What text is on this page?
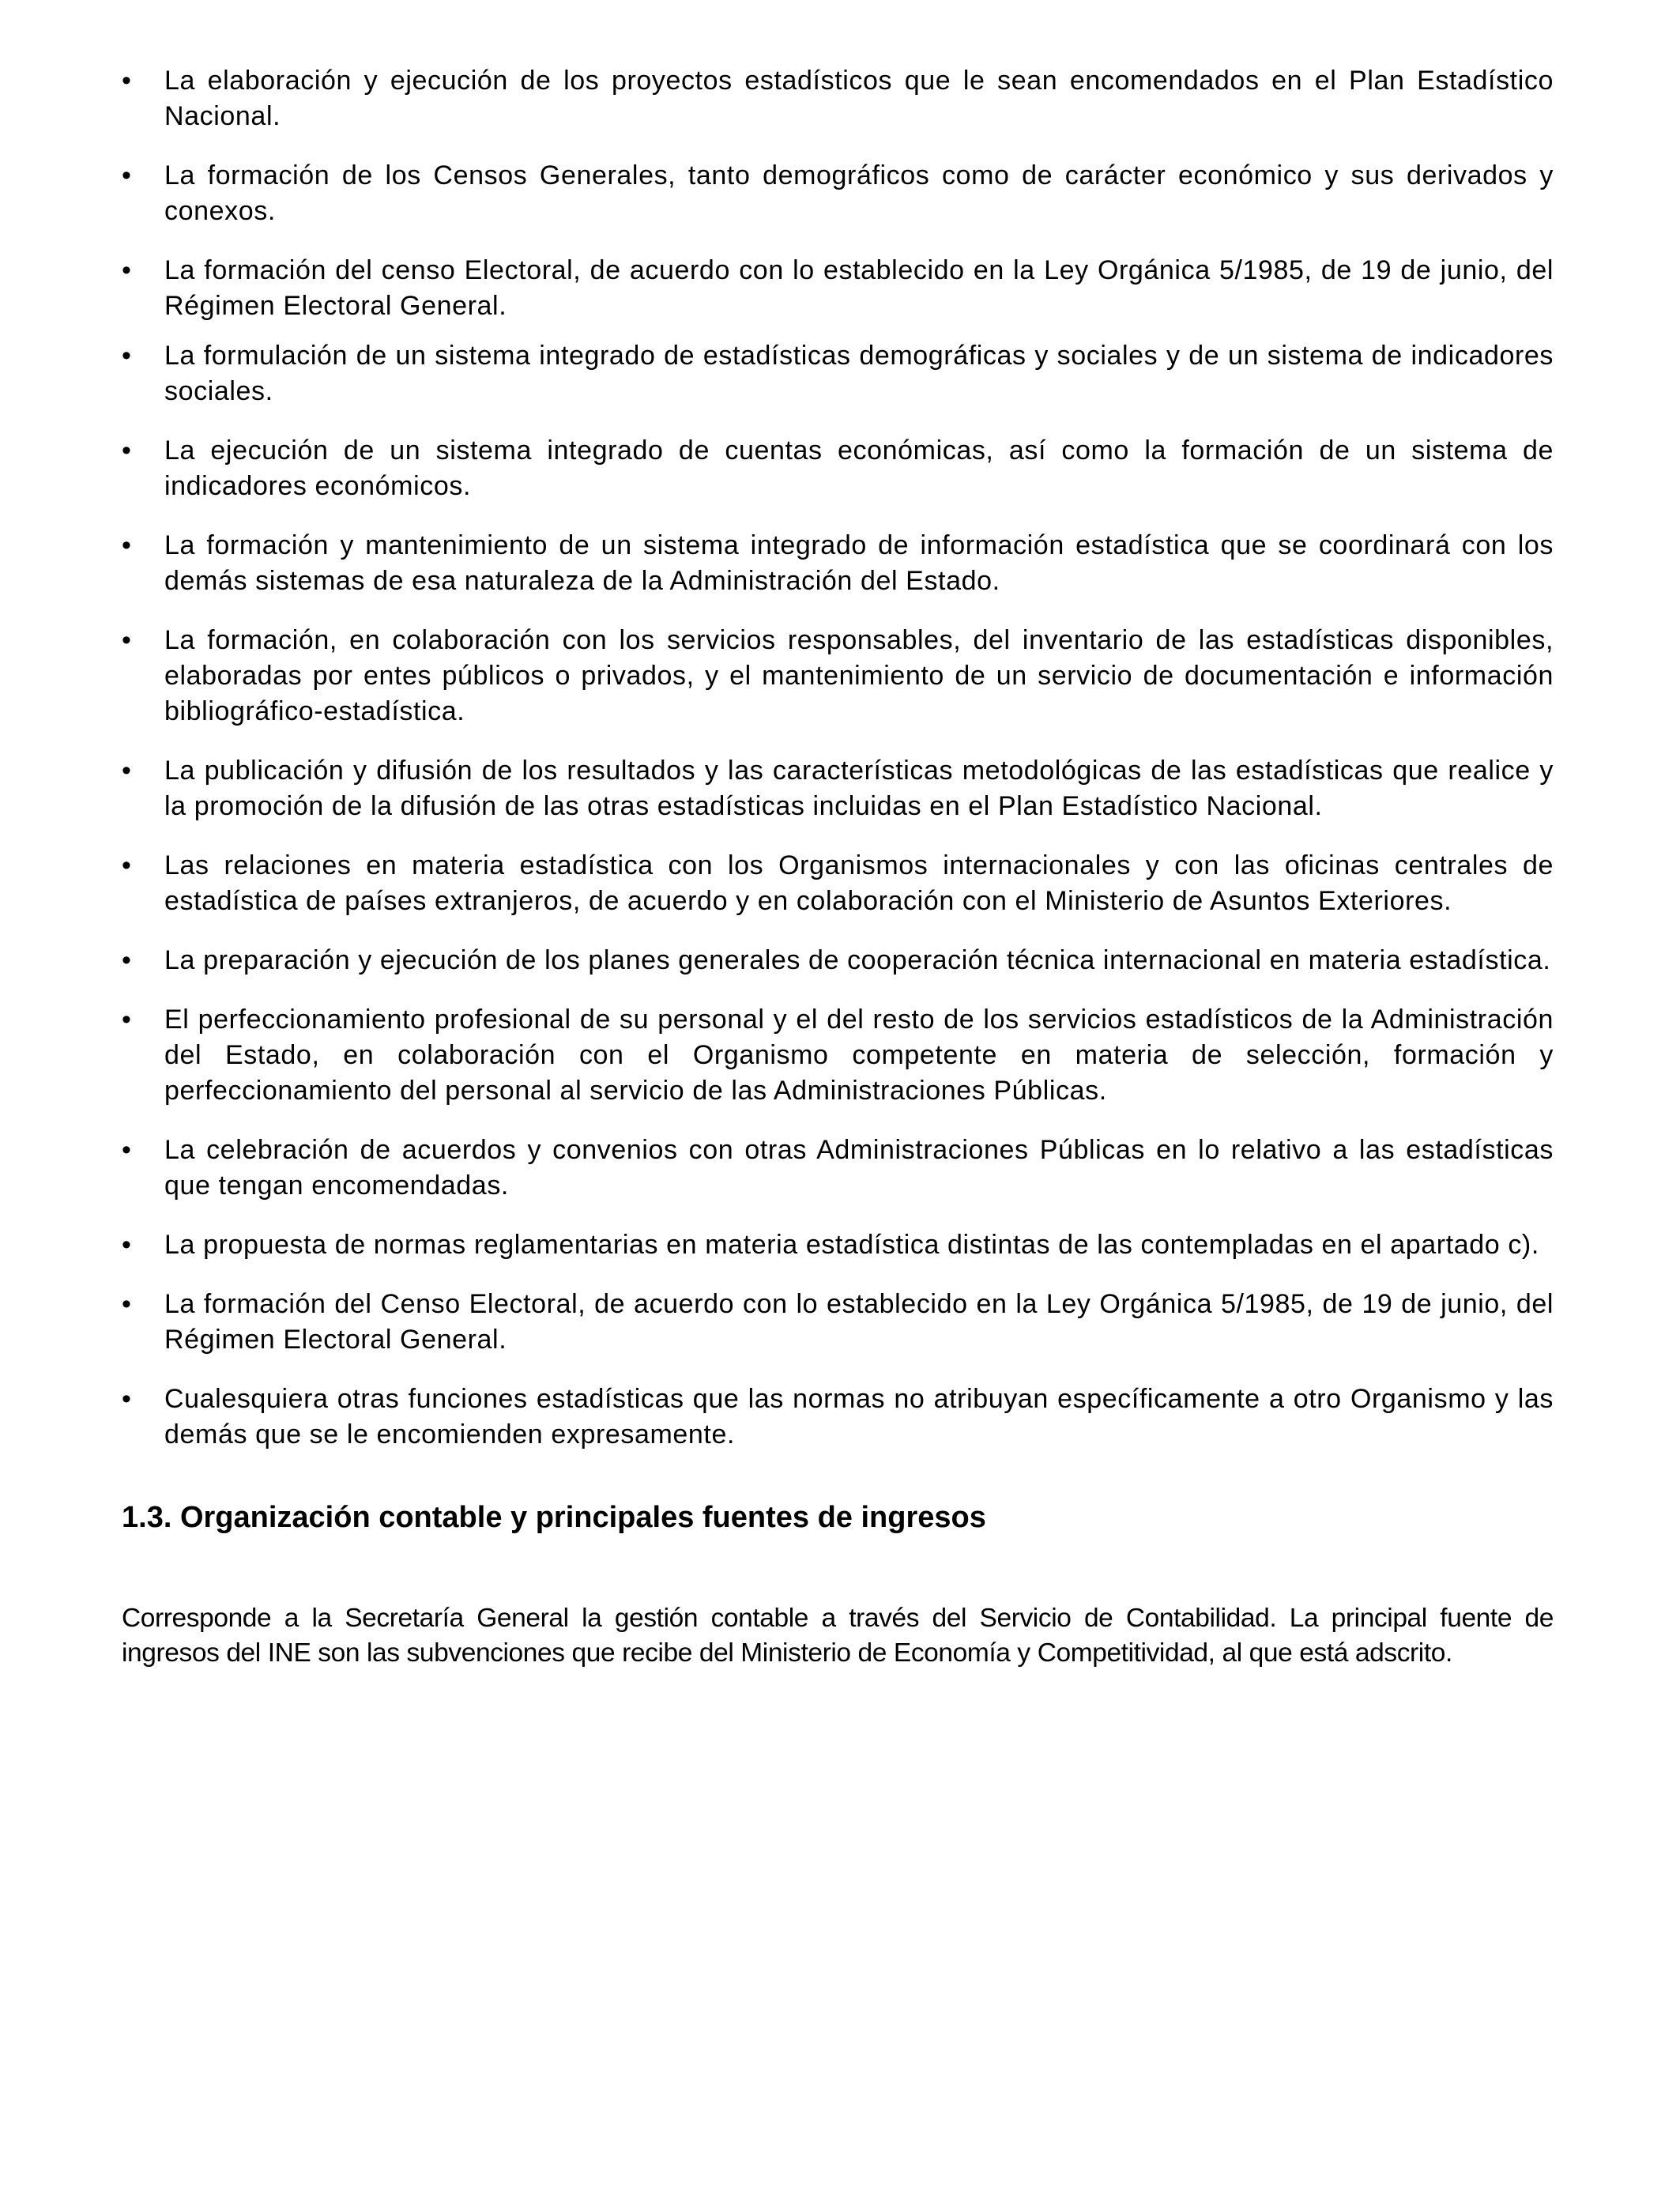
•	La elaboración y ejecución de los proyectos estadísticos que le sean encomendados en el Plan Estadístico Nacional.
•	La formación de los Censos Generales, tanto demográficos como de carácter económico y sus derivados y conexos.
•	La formación del censo Electoral, de acuerdo con lo establecido en la Ley Orgánica 5/1985, de 19 de junio, del Régimen Electoral General.
•	La formulación de un sistema integrado de estadísticas demográficas y sociales y de un sistema de indicadores sociales.
•	La ejecución de un sistema integrado de cuentas económicas, así como la formación de un sistema de indicadores económicos.
•	La formación y mantenimiento de un sistema integrado de información estadística que se coordinará con los demás sistemas de esa naturaleza de la Administración del Estado.
•	La formación, en colaboración con los servicios responsables, del inventario de las estadísticas disponibles, elaboradas por entes públicos o privados, y el mantenimiento de un servicio de documentación e información bibliográfico-estadística.
•	La publicación y difusión de los resultados y las características metodológicas de las estadísticas que realice y la promoción de la difusión de las otras estadísticas incluidas en el Plan Estadístico Nacional.
•	Las relaciones en materia estadística con los Organismos internacionales y con las oficinas centrales de estadística de países extranjeros, de acuerdo y en colaboración con el Ministerio de Asuntos Exteriores.
•	La preparación y ejecución de los planes generales de cooperación técnica internacional en materia estadística.
•	El perfeccionamiento profesional de su personal y el del resto de los servicios estadísticos de la Administración del Estado, en colaboración con el Organismo competente en materia de selección, formación y perfeccionamiento del personal al servicio de las Administraciones Públicas.
•	La celebración de acuerdos y convenios con otras Administraciones Públicas en lo relativo a las estadísticas que tengan encomendadas.
•	La propuesta de normas reglamentarias en materia estadística distintas de las contempladas en el apartado c).
•	La formación del Censo Electoral, de acuerdo con lo establecido en la Ley Orgánica 5/1985, de 19 de junio, del Régimen Electoral General.
•	Cualesquiera otras funciones estadísticas que las normas no atribuyan específicamente a otro Organismo y las demás que se le encomienden expresamente.
1.3. Organización contable y principales fuentes de ingresos

Corresponde a la Secretaría General la gestión contable a través del Servicio de Contabilidad. La principal fuente de ingresos del INE son las subvenciones que recibe del Ministerio de Economía y Competitividad, al que está adscrito.
